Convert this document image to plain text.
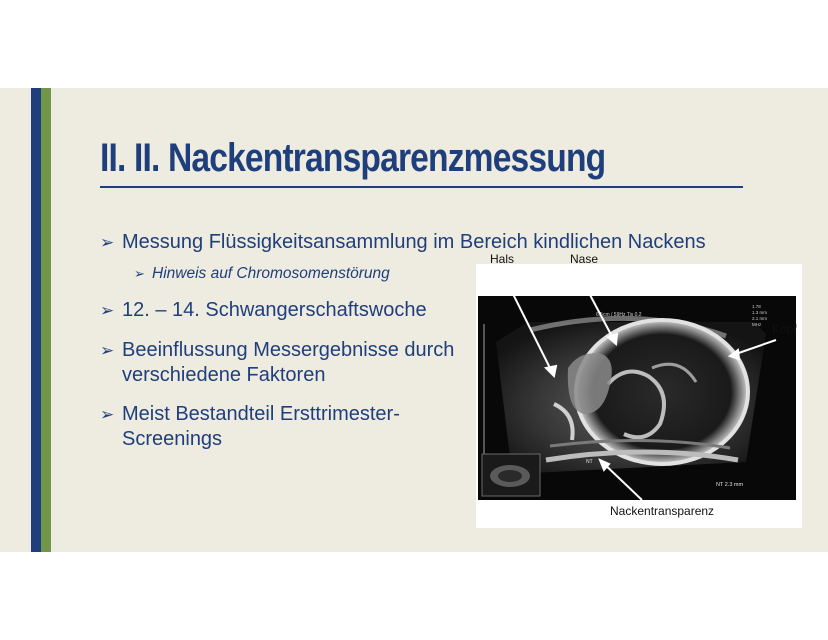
II. II. Nackentransparenzmessung
➢ Messung Flüssigkeitsansammlung im Bereich kindlichen Nackens
➢ Hinweis auf Chromosomenstörung
➢ 12. – 14. Schwangerschaftswoche
➢ Beeinflussung Messergebnisse durch
verschiedene Faktoren
➢ Meist Bestandteil Ersttrimester-
Screenings
6.5cm / 59Hz Tis 0.2
1.78 1.3 mm 2.1 mm MHz
NT
NT 2.3 mm
Hals	Nase
Kopf
Nackentransparenz
